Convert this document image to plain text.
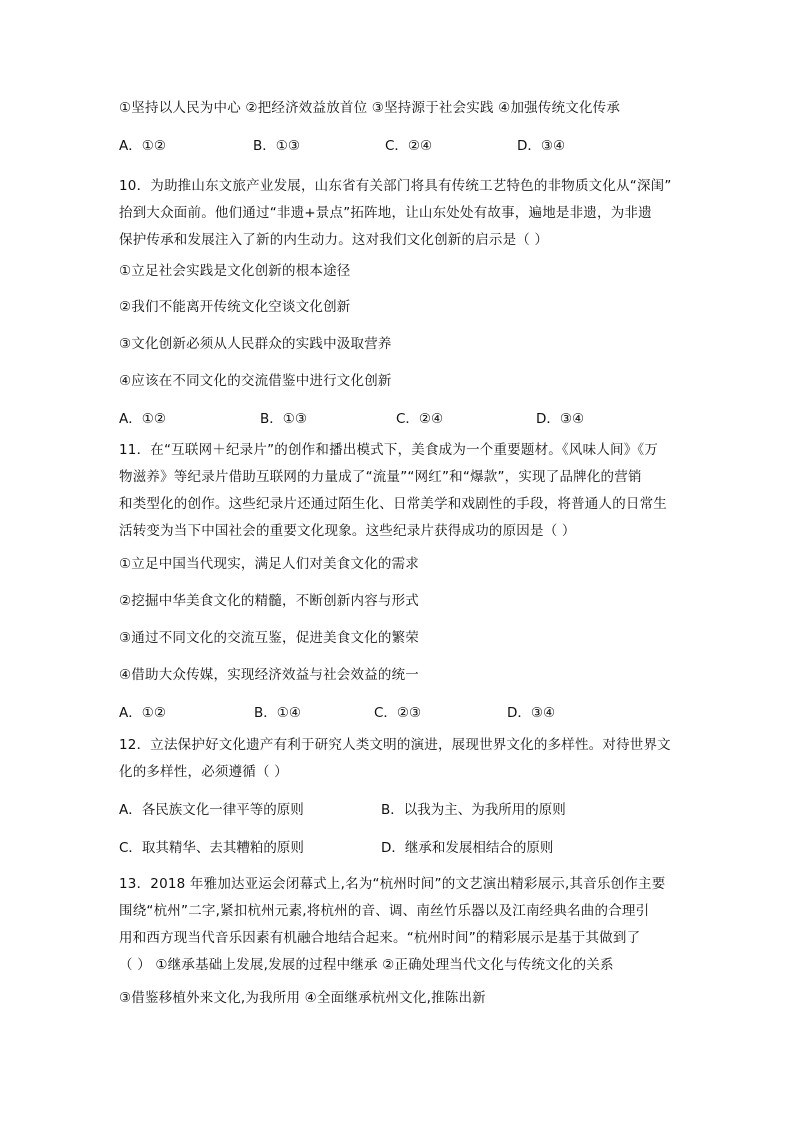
①坚持以人民为中心 ②把经济效益放首位 ③坚持源于社会实践 ④加强传统文化传承
A．①②	B．①③	C．②④	D．③④
10．为助推山东文旅产业发展，山东省有关部门将具有传统工艺特色的非物质文化从“深闺”
抬到大众面前。他们通过“非遗+景点”拓阵地，让山东处处有故事，遍地是非遗，为非遗
保护传承和发展注入了新的内生动力。这对我们文化创新的启示是（ ）
①立足社会实践是文化创新的根本途径
②我们不能离开传统文化空谈文化创新
③文化创新必须从人民群众的实践中汲取营养
④应该在不同文化的交流借鉴中进行文化创新
A．①②	B．①③	C．②④	D．③④
11．在“互联网＋纪录片”的创作和播出模式下，美食成为一个重要题材。《风味人间》《万
物滋养》等纪录片借助互联网的力量成了“流量”“网红”和“爆款”，实现了品牌化的营销
和类型化的创作。这些纪录片还通过陌生化、日常美学和戏剧性的手段，将普通人的日常生
活转变为当下中国社会的重要文化现象。这些纪录片获得成功的原因是（ ）
①立足中国当代现实，满足人们对美食文化的需求
②挖掘中华美食文化的精髓，不断创新内容与形式
③通过不同文化的交流互鉴，促进美食文化的繁荣
④借助大众传媒，实现经济效益与社会效益的统一
A．①②	B．①④	C．②③	D．③④
12．立法保护好文化遗产有利于研究人类文明的演进，展现世界文化的多样性。对待世界文
化的多样性，必须遵循（ ）
A．各民族文化一律平等的原则	B．以我为主、为我所用的原则
C．取其精华、去其糟粕的原则	D．继承和发展相结合的原则
13．2018 年雅加达亚运会闭幕式上,名为“杭州时间”的文艺演出精彩展示,其音乐创作主要
围绕“杭州”二字,紧扣杭州元素,将杭州的音、调、南丝竹乐器以及江南经典名曲的合理引
用和西方现当代音乐因素有机融合地结合起来。“杭州时间”的精彩展示是基于其做到了
（ ） ①继承基础上发展,发展的过程中继承 ②正确处理当代文化与传统文化的关系
③借鉴移植外来文化,为我所用 ④全面继承杭州文化,推陈出新
